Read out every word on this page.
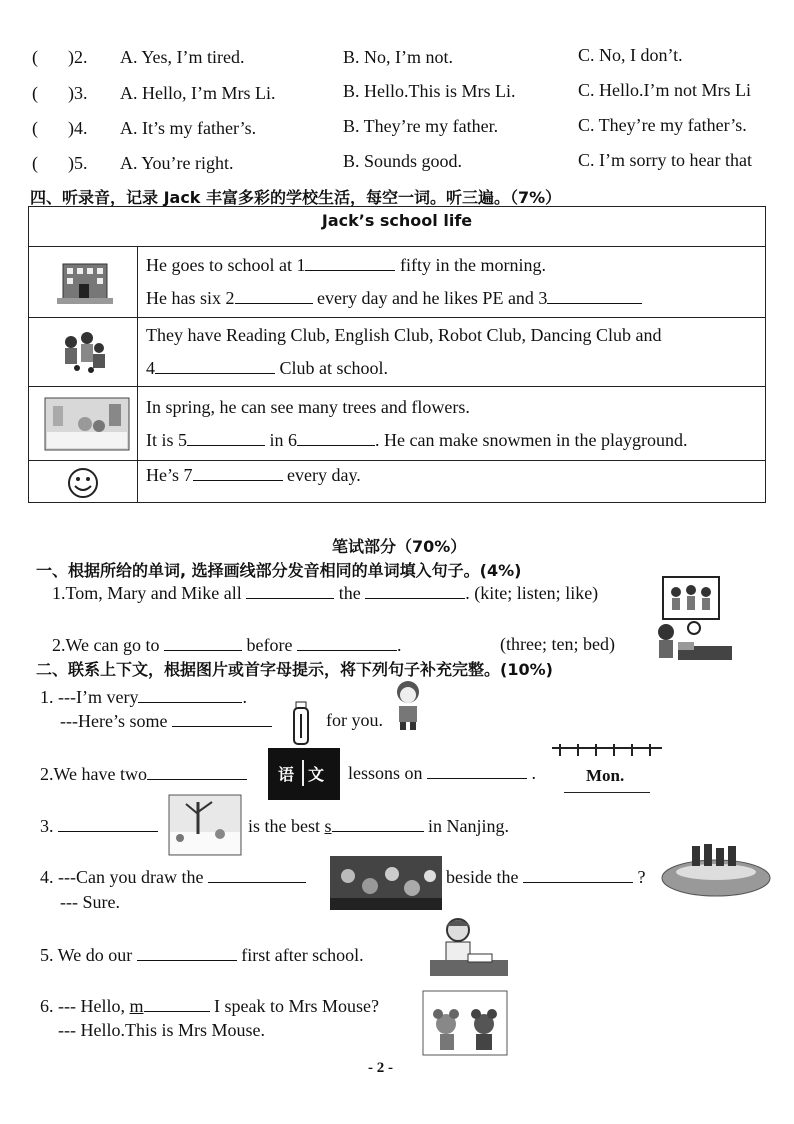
( )2. A. Yes, I’m tired.	B. No, I’m not.	C. No, I don’t.
( )3. A. Hello, I’m Mrs Li.	B. Hello.This is Mrs Li.	C. Hello.I’m not Mrs Li
( )4. A. It’s my father’s.	B. They’re my father.	C. They’re my father’s.
( )5. A. You’re right.	B. Sounds good.	C. I’m sorry to hear that
四、听录音，记录 Jack 丰富多彩的学校生活，每空一词。听三遍。（7%）
Jack’s school life	

He goes to school at 1 fifty in the morning.
He has six 2 every day and he likes PE and 3

They have Reading Club, English Club, Robot Club, Dancing Club and
4 Club at school.

In spring, he can see many trees and flowers.
It is 5 in 6 . He can make snowmen in the playground.

He’s 7 every day.
笔试部分（70%）
一、根据所给的单词, 选择画线部分发音相同的单词填入句子。(4%)
1.Tom, Mary and Mike all	the	. (kite; listen; like)
2.We can go to	before	.	(three; ten; bed)
二、联系上下文，根据图片或首字母提示，将下列句子补充完整。(10%)
1. ---I’m very	.
---Here’s some	for you.
2.We have two	语 文 lessons on	.	Mon.
3.	is the best s	in Nanjing.
4. ---Can you draw the	beside the	?
--- Sure.
5. We do our	first after school.
6. --- Hello, m	I speak to Mrs Mouse?
--- Hello.This is Mrs Mouse.
- 2 -
